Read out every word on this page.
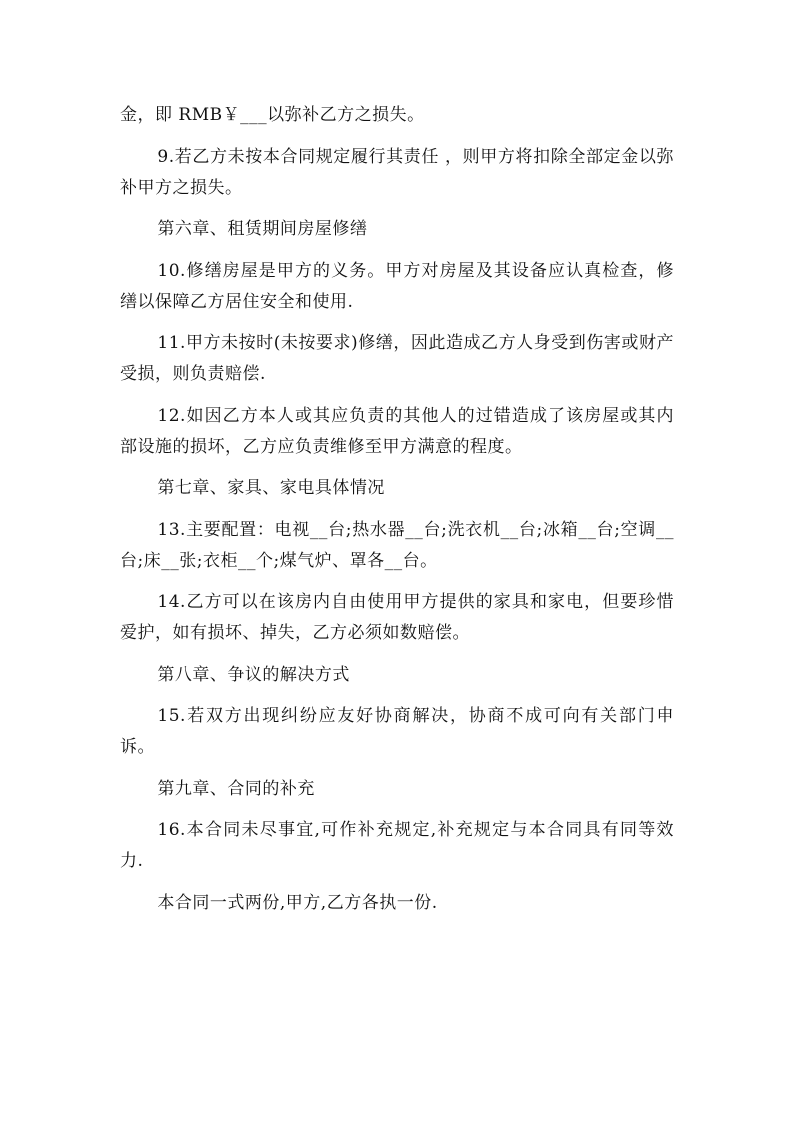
金，即 RMB￥___以弥补乙方之损失。

9.若乙方未按本合同规定履行其责任 ，则甲方将扣除全部定金以弥补甲方之损失。

第六章、租赁期间房屋修缮

10.修缮房屋是甲方的义务。甲方对房屋及其设备应认真检查，修缮以保障乙方居住安全和使用.

11.甲方未按时(未按要求)修缮，因此造成乙方人身受到伤害或财产受损，则负责赔偿.

12.如因乙方本人或其应负责的其他人的过错造成了该房屋或其内部设施的损坏，乙方应负责维修至甲方满意的程度。

第七章、家具、家电具体情况

13.主要配置：电视__台;热水器__台;洗衣机__台;冰箱__台;空调__台;床__张;衣柜__个;煤气炉、罩各__台。

14.乙方可以在该房内自由使用甲方提供的家具和家电，但要珍惜爱护，如有损坏、掉失，乙方必须如数赔偿。

第八章、争议的解决方式

15.若双方出现纠纷应友好协商解决，协商不成可向有关部门申诉。

第九章、合同的补充

16.本合同未尽事宜,可作补充规定,补充规定与本合同具有同等效力.

本合同一式两份,甲方,乙方各执一份.
